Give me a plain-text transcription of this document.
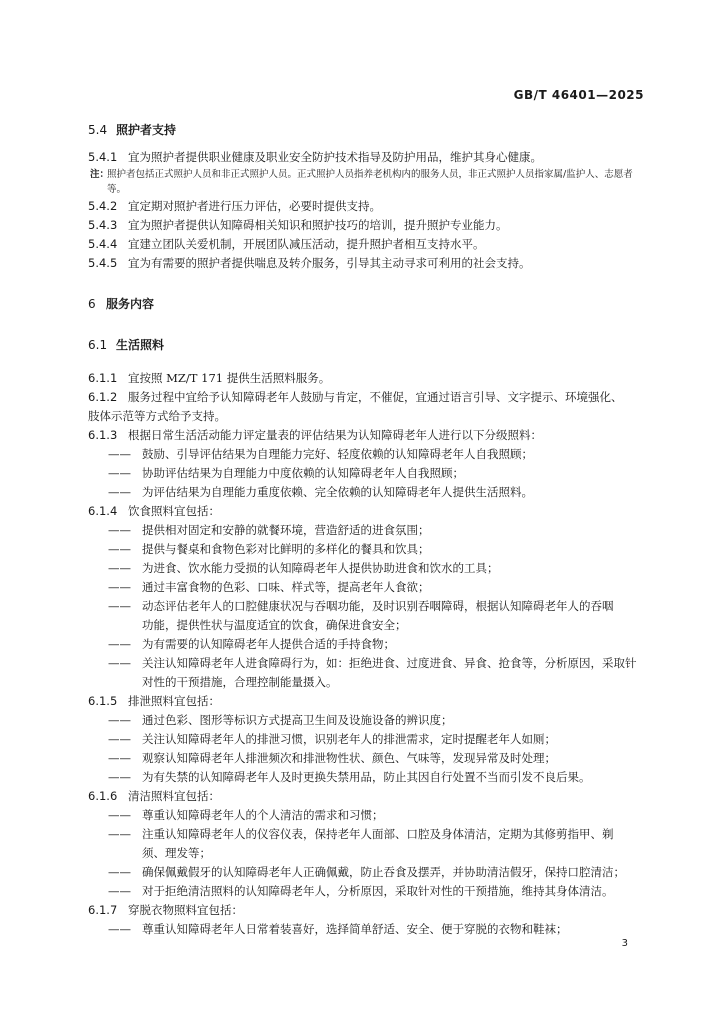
GB/T 46401—2025
5.4 照护者支持
5.4.1 宜为照护者提供职业健康及职业安全防护技术指导及防护用品，维护其身心健康。
注：
照护者包括正式照护人员和非正式照护人员。正式照护人员指养老机构内的服务人员，非正式照护人员指家属/监护人、志愿者等。
5.4.2 宜定期对照护者进行压力评估，必要时提供支持。
5.4.3 宜为照护者提供认知障碍相关知识和照护技巧的培训，提升照护专业能力。
5.4.4 宜建立团队关爱机制，开展团队减压活动，提升照护者相互支持水平。
5.4.5 宜为有需要的照护者提供喘息及转介服务，引导其主动寻求可利用的社会支持。
6 服务内容
6.1 生活照料
6.1.1 宜按照 MZ/T 171 提供生活照料服务。
6.1.2 服务过程中宜给予认知障碍老年人鼓励与肯定，不催促，宜通过语言引导、文字提示、环境强化、
肢体示范等方式给予支持。
6.1.3 根据日常生活活动能力评定量表的评估结果为认知障碍老年人进行以下分级照料：
—— 鼓励、引导评估结果为自理能力完好、轻度依赖的认知障碍老年人自我照顾；
—— 协助评估结果为自理能力中度依赖的认知障碍老年人自我照顾；
—— 为评估结果为自理能力重度依赖、完全依赖的认知障碍老年人提供生活照料。
6.1.4 饮食照料宜包括：
—— 提供相对固定和安静的就餐环境，营造舒适的进食氛围；
—— 提供与餐桌和食物色彩对比鲜明的多样化的餐具和饮具；
—— 为进食、饮水能力受损的认知障碍老年人提供协助进食和饮水的工具；
—— 通过丰富食物的色彩、口味、样式等，提高老年人食欲；
—— 动态评估老年人的口腔健康状况与吞咽功能，及时识别吞咽障碍，根据认知障碍老年人的吞咽
功能，提供性状与温度适宜的饮食，确保进食安全；
—— 为有需要的认知障碍老年人提供合适的手持食物；
—— 关注认知障碍老年人进食障碍行为，如：拒绝进食、过度进食、异食、抢食等，分析原因，采取针
对性的干预措施，合理控制能量摄入。
6.1.5 排泄照料宜包括：
—— 通过色彩、图形等标识方式提高卫生间及设施设备的辨识度；
—— 关注认知障碍老年人的排泄习惯，识别老年人的排泄需求，定时提醒老年人如厕；
—— 观察认知障碍老年人排泄频次和排泄物性状、颜色、气味等，发现异常及时处理；
—— 为有失禁的认知障碍老年人及时更换失禁用品，防止其因自行处置不当而引发不良后果。
6.1.6 清洁照料宜包括：
—— 尊重认知障碍老年人的个人清洁的需求和习惯；
—— 注重认知障碍老年人的仪容仪表，保持老年人面部、口腔及身体清洁，定期为其修剪指甲、剃
须、理发等；
—— 确保佩戴假牙的认知障碍老年人正确佩戴，防止吞食及摆弄，并协助清洁假牙，保持口腔清洁；
—— 对于拒绝清洁照料的认知障碍老年人，分析原因，采取针对性的干预措施，维持其身体清洁。
6.1.7 穿脱衣物照料宜包括：
—— 尊重认知障碍老年人日常着装喜好，选择简单舒适、安全、便于穿脱的衣物和鞋袜；
3
